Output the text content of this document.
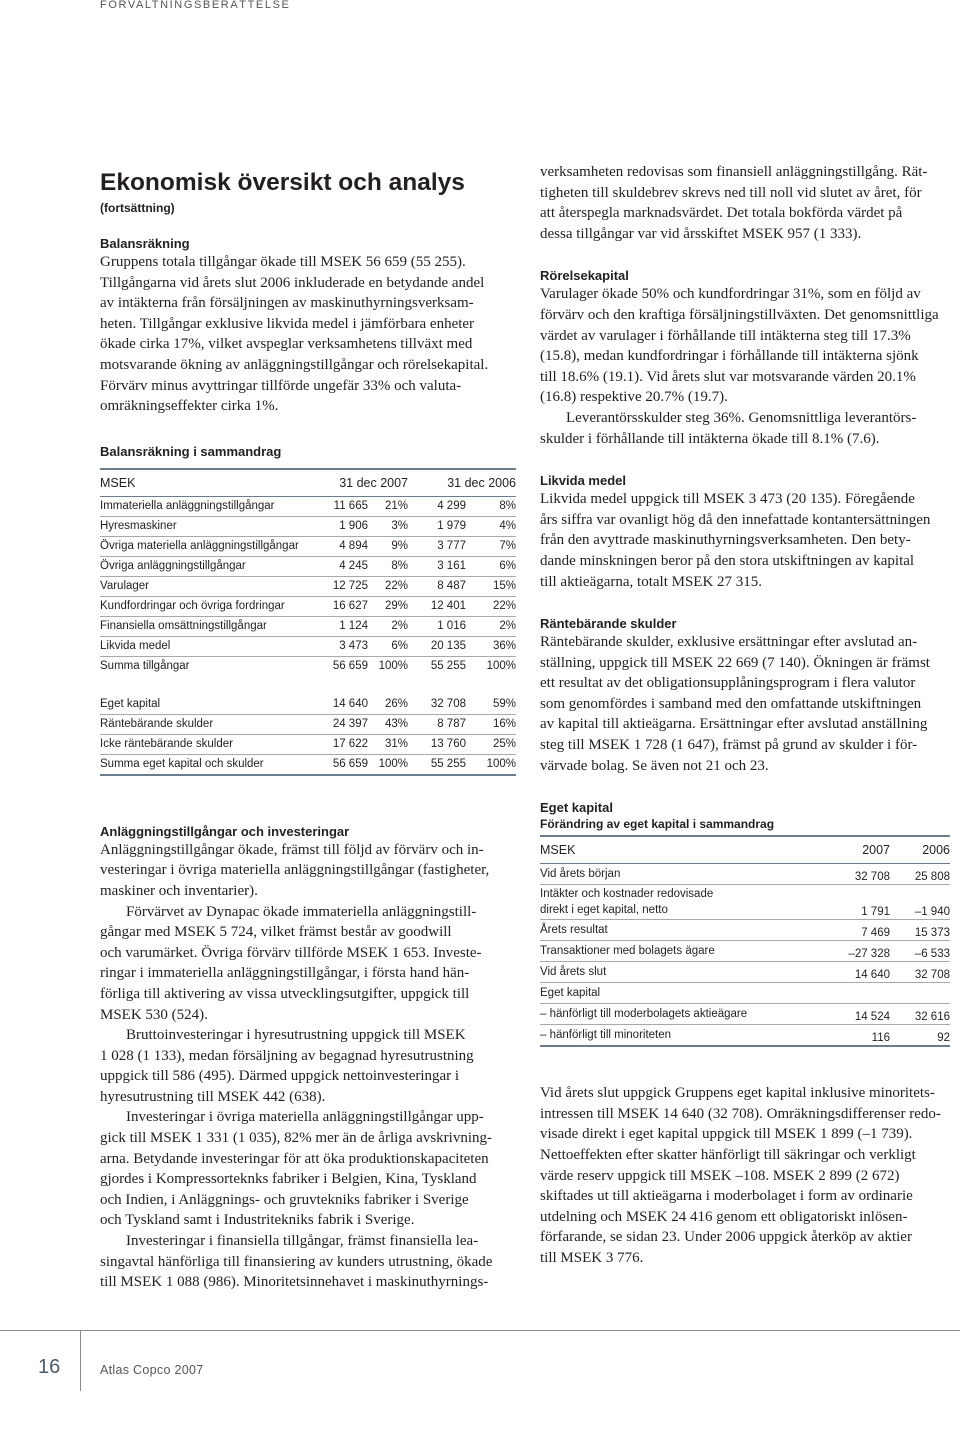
FÖRVALTNINGSBERÄTTELSE
Ekonomisk översikt och analys
(fortsättning)
Balansräkning

Gruppens totala tillgångar ökade till MSEK 56 659 (55 255).
Tillgångarna vid årets slut 2006 inkluderade en betydande andel
av intäkterna från försäljningen av maskinuthyrningsverksam-
heten. Tillgångar exklusive likvida medel i jämförbara enheter
ökade cirka 17%, vilket avspeglar verksamhetens tillväxt med
motsvarande ökning av anläggningstillgångar och rörelsekapital.
Förvärv minus avyttringar tillförde ungefär 33% och valuta-
omräkningseffekter cirka 1%.

Balansräkning i sammandrag
MSEK	31 dec 2007		31 dec 2006	
Immateriella anläggningstillgångar	11 665	21%	4 299	8%
Hyresmaskiner	1 906	3%	1 979	4%
Övriga materiella anläggningstillgångar	4 894	9%	3 777	7%
Övriga anläggningstillgångar	4 245	8%	3 161	6%
Varulager	12 725	22%	8 487	15%
Kundfordringar och övriga fordringar	16 627	29%	12 401	22%
Finansiella omsättningstillgångar	1 124	2%	1 016	2%
Likvida medel	3 473	6%	20 135	36%
Summa tillgångar	56 659	100%	55 255	100%

Eget kapital	14 640	26%	32 708	59%
Räntebärande skulder	24 397	43%	8 787	16%
Icke räntebärande skulder	17 622	31%	13 760	25%
Summa eget kapital och skulder	56 659	100%	55 255	100%
Anläggningstillgångar och investeringar

Anläggningstillgångar ökade, främst till följd av förvärv och in-
vesteringar i övriga materiella anläggningstillgångar (fastigheter,
maskiner och inventarier).

Förvärvet av Dynapac ökade immateriella anläggningstill-
gångar med MSEK 5 724, vilket främst består av goodwill
och varumärket. Övriga förvärv tillförde MSEK 1 653. Investe-
ringar i immateriella anläggningstillgångar, i första hand hän-
förliga till aktivering av vissa utvecklingsutgifter, uppgick till
MSEK 530 (524).

Bruttoinvesteringar i hyresutrustning uppgick till MSEK
1 028 (1 133), medan försäljning av begagnad hyresutrustning
uppgick till 586 (495). Därmed uppgick nettoinvesteringar i
hyresutrustning till MSEK 442 (638).

Investeringar i övriga materiella anläggningstillgångar upp-
gick till MSEK 1 331 (1 035), 82% mer än de årliga avskrivning-
arna. Betydande investeringar för att öka produktionskapaciteten
gjordes i Kompressorteknks fabriker i Belgien, Kina, Tyskland
och Indien, i Anläggnings- och gruvtekniks fabriker i Sverige
och Tyskland samt i Industritekniks fabrik i Sverige.

Investeringar i finansiella tillgångar, främst finansiella lea-
singavtal hänförliga till finansiering av kunders utrustning, ökade
till MSEK 1 088 (986). Minoritetsinnehavet i maskinuthyrnings-

verksamheten redovisas som finansiell anläggningstillgång. Rät-
tigheten till skuldebrev skrevs ned till noll vid slutet av året, för
att återspegla marknadsvärdet. Det totala bokförda värdet på
dessa tillgångar var vid årsskiftet MSEK 957 (1 333).

Rörelsekapital

Varulager ökade 50% och kundfordringar 31%, som en följd av
förvärv och den kraftiga försäljningstillväxten. Det genomsnittliga
värdet av varulager i förhållande till intäkterna steg till 17.3%
(15.8), medan kundfordringar i förhållande till intäkterna sjönk
till 18.6% (19.1). Vid årets slut var motsvarande värden 20.1%
(16.8) respektive 20.7% (19.7).

Leverantörsskulder steg 36%. Genomsnittliga leverantörs-
skulder i förhållande till intäkterna ökade till 8.1% (7.6).

Likvida medel

Likvida medel uppgick till MSEK 3 473 (20 135). Föregående
års siffra var ovanligt hög då den innefattade kontantersättningen
från den avyttrade maskinuthyrningsverksamheten. Den bety-
dande minskningen beror på den stora utskiftningen av kapital
till aktieägarna, totalt MSEK 27 315.

Räntebärande skulder

Räntebärande skulder, exklusive ersättningar efter avslutad an-
ställning, uppgick till MSEK 22 669 (7 140). Ökningen är främst
ett resultat av det obligationsupplåningsprogram i flera valutor
som genomfördes i samband med den omfattande utskiftningen
av kapital till aktieägarna. Ersättningar efter avslutad anställning
steg till MSEK 1 728 (1 647), främst på grund av skulder i för-
värvade bolag. Se även not 21 och 23.

Eget kapital
Förändring av eget kapital i sammandrag
MSEK	2007	2006
Vid årets början	32 708	25 808
Intäkter och kostnader redovisade
direkt i eget kapital, netto	1 791	–1 940
Årets resultat	7 469	15 373
Transaktioner med bolagets ägare	–27 328	–6 533
Vid årets slut	14 640	32 708
Eget kapital		
– hänförligt till moderbolagets aktieägare	14 524	32 616
– hänförligt till minoriteten	116	92

Vid årets slut uppgick Gruppens eget kapital inklusive minoritets-
intressen till MSEK 14 640 (32 708). Omräkningsdifferenser redo-
visade direkt i eget kapital uppgick till MSEK 1 899 (–1 739).
Nettoeffekten efter skatter hänförligt till säkringar och verkligt
värde reserv uppgick till MSEK –108. MSEK 2 899 (2 672)
skiftades ut till aktieägarna i moderbolaget i form av ordinarie
utdelning och MSEK 24 416 genom ett obligatoriskt inlösen-
förfarande, se sidan 23. Under 2006 uppgick återköp av aktier
till MSEK 3 776.

16	Atlas Copco 2007
